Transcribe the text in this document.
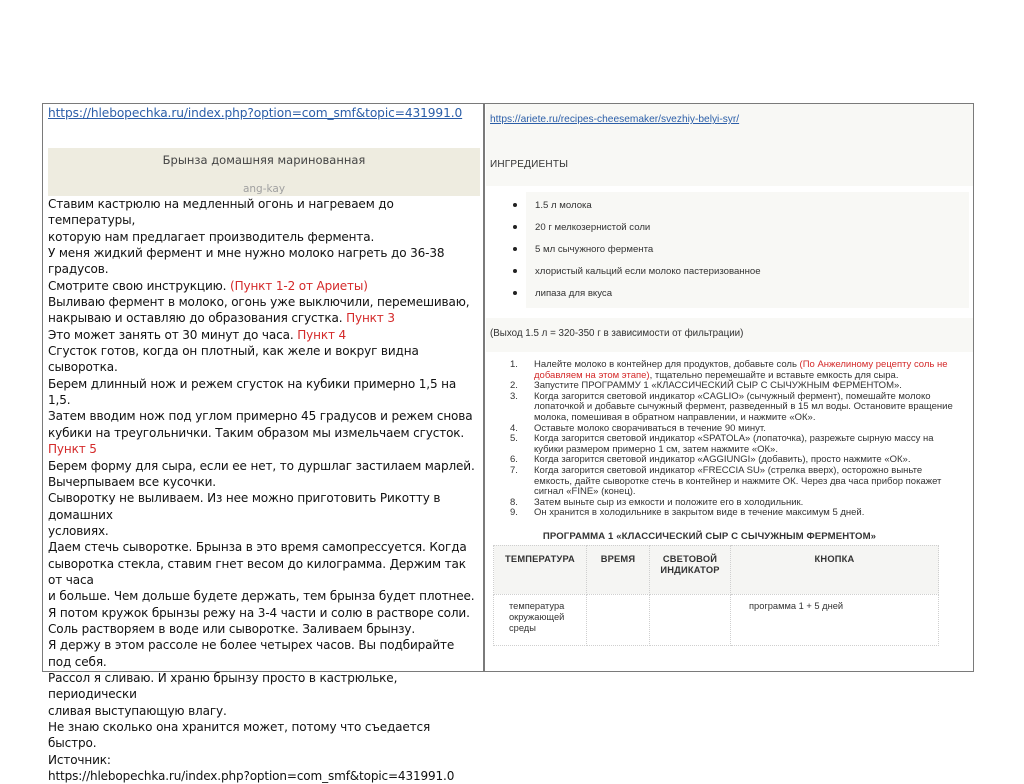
https://hlebopechka.ru/index.php?option=com_smf&topic=431991.0
Брынза домашняя маринованная
ang-kay

Ставим кастрюлю на медленный огонь и нагреваем до температуры,

которую нам предлагает производитель фермента.

У меня жидкий фермент и мне нужно молоко нагреть до 36-38 градусов.

Смотрите свою инструкцию. (Пункт 1-2 от Ариеты)

Выливаю фермент в молоко, огонь уже выключили, перемешиваю,

накрываю и оставляю до образования сгустка. Пункт 3

Это может занять от 30 минут до часа. Пункт 4

Сгусток готов, когда он плотный, как желе и вокруг видна сыворотка.

Берем длинный нож и режем сгусток на кубики примерно 1,5 на 1,5.

Затем вводим нож под углом примерно 45 градусов и режем снова

кубики на треугольнички. Таким образом мы измельчаем сгусток. Пункт 5

Берем форму для сыра, если ее нет, то дуршлаг застилаем марлей.

Вычерпываем все кусочки.

Сыворотку не выливаем. Из нее можно приготовить Рикотту в домашних

условиях.

Даем стечь сыворотке. Брынза в это время самопрессуется. Когда

сыворотка стекла, ставим гнет весом до килограмма. Держим так от часа

и больше. Чем дольше будете держать, тем брынза будет плотнее.

Я потом кружок брынзы режу на 3-4 части и солю в растворе соли.

Соль растворяем в воде или сыворотке. Заливаем брынзу.

Я держу в этом рассоле не более четырех часов. Вы подбирайте под себя.

Рассол я сливаю. И храню брынзу просто в кастрюльке, периодически

сливая выступающую влагу.

Не знаю сколько она хранится может, потому что съедается быстро.

Источник:

https://hlebopechka.ru/index.php?option=com_smf&topic=431991.0

https://ariete.ru/recipes-cheesemaker/svezhiy-belyi-syr/
ИНГРЕДИЕНТЫ
1.5 л молока
20 г мелкозернистой соли
5 мл сычужного фермента
хлористый кальций если молоко пастеризованное
липаза для вкуса
(Выход 1.5 л = 320-350 г в зависимости от фильтрации)
1. Налейте молоко в контейнер для продуктов, добавьте соль (По Анжелиному рецепту соль не добавляем на этом этапе), тщательно перемешайте и вставьте емкость для сыра.
2. Запустите ПРОГРАММУ 1 «КЛАССИЧЕСКИЙ СЫР С СЫЧУЖНЫМ ФЕРМЕНТОМ».
3. Когда загорится световой индикатор «CAGLIO» (сычужный фермент), помешайте молоко лопаточкой и добавьте сычужный фермент, разведенный в 15 мл воды. Остановите вращение молока, помешивая в обратном направлении, и нажмите «ОК».
4. Оставьте молоко сворачиваться в течение 90 минут.
5. Когда загорится световой индикатор «SPATOLA» (лопаточка), разрежьте сырную массу на кубики размером примерно 1 см, затем нажмите «ОК».
6. Когда загорится световой индикатор «AGGIUNGI» (добавить), просто нажмите «ОК».
7. Когда загорится световой индикатор «FRECCIA SU» (стрелка вверх), осторожно выньте емкость, дайте сыворотке стечь в контейнер и нажмите ОК. Через два часа прибор покажет сигнал «FINE» (конец).
8. Затем выньте сыр из емкости и положите его в холодильник.
9. Он хранится в холодильнике в закрытом виде в течение максимум 5 дней.
ПРОГРАММА 1 «КЛАССИЧЕСКИЙ СЫР С СЫЧУЖНЫМ ФЕРМЕНТОМ»
ТЕМПЕРАТУРА	ВРЕМЯ	СВЕТОВОЙ ИНДИКАТОР	КНОПКА
температура окружающей среды			программа 1 + 5 дней
